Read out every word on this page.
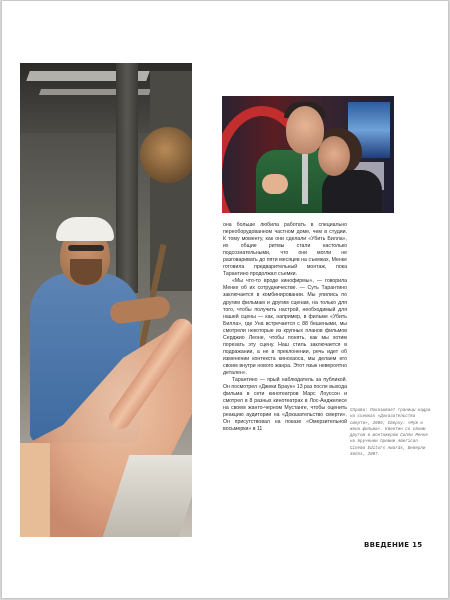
она больше любила работать в специально переоборудованном частном доме, чем в студии. К тому моменту, как они сделали «Убить Билла», их общие ритмы стали настолько подсознательными, что они могли не разговаривать до пяти месяцев на съемках, Менке готовила предварительный монтаж, пока Тарантино продолжал съемки.

«Мы что-то вроде кинофирмы», — говорила Менке об их сотрудничестве. — Суть Тарантино заключается в комбинировании. Мы упились по другим фильмам и другим сценам, на только для того, чтобы получить настрой, необходимый для нашей сцены — как, например, в фильме «Убить Билла», где Уна встречается с 88 бешеными, мы смотрели некоторые из крупных планов фильмов Серджио Леоне, чтобы понять, как мы хотим порезать эту сцену. Наш стиль заключается в подражании, а не в преклонении, речь идет об изменении контекста кинохаоса, мы делаем его своим внутри нового жанра. Этот язык невероятно детален».

Тарантино — ярый наблюдатель за публикой. Он посмотрел «Джеки Браун» 13 раз после выхода фильма в сети кинотеатров Марс Лоуссон и смотрел в 8 разных кинотеатрах в Лос-Анджелесе на своем жанто-черном Мустанге, чтобы оценить реакцию аудитории на «Доказательство смерти». Он присутствовал на показе «Омерзительной восьмерки» в 11

Справа: Показывает границы кадра на съемках «Доказательства смерти», 2006; Сверху: «Муж и жена фильма». Квентин со своим другом и монтажером Салли Менке на вручении премии American Cinema Editors Awards, Беверли Хиллз, 2007.
ВВЕДЕНИЕ 15
